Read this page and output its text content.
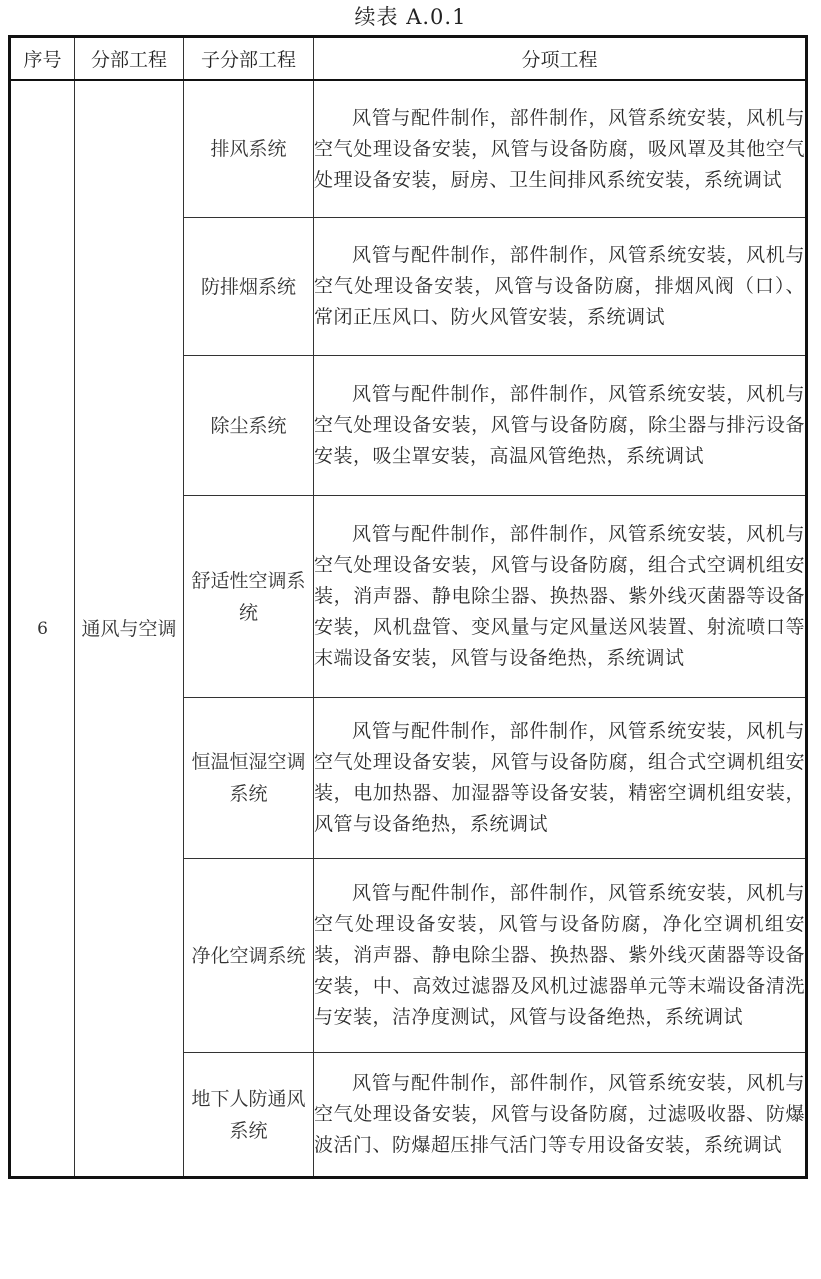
续表 A.0.1
序号	分部工程	子分部工程	分项工程
6	通风与空调	排风系统	风管与配件制作，部件制作，风管系统安装，风机与空气处理设备安装，风管与设备防腐，吸风罩及其他空气处理设备安装，厨房、卫生间排风系统安装，系统调试
		防排烟系统	风管与配件制作，部件制作，风管系统安装，风机与空气处理设备安装，风管与设备防腐，排烟风阀（口）、常闭正压风口、防火风管安装，系统调试
		除尘系统	风管与配件制作，部件制作，风管系统安装，风机与空气处理设备安装，风管与设备防腐，除尘器与排污设备安装，吸尘罩安装，高温风管绝热，系统调试
		舒适性空调系统	风管与配件制作，部件制作，风管系统安装，风机与空气处理设备安装，风管与设备防腐，组合式空调机组安装，消声器、静电除尘器、换热器、紫外线灭菌器等设备安装，风机盘管、变风量与定风量送风装置、射流喷口等末端设备安装，风管与设备绝热，系统调试
		恒温恒湿空调系统	风管与配件制作，部件制作，风管系统安装，风机与空气处理设备安装，风管与设备防腐，组合式空调机组安装，电加热器、加湿器等设备安装，精密空调机组安装，风管与设备绝热，系统调试
		净化空调系统	风管与配件制作，部件制作，风管系统安装，风机与空气处理设备安装，风管与设备防腐，净化空调机组安装，消声器、静电除尘器、换热器、紫外线灭菌器等设备安装，中、高效过滤器及风机过滤器单元等末端设备清洗与安装，洁净度测试，风管与设备绝热，系统调试
		地下人防通风系统	风管与配件制作，部件制作，风管系统安装，风机与空气处理设备安装，风管与设备防腐，过滤吸收器、防爆波活门、防爆超压排气活门等专用设备安装，系统调试
